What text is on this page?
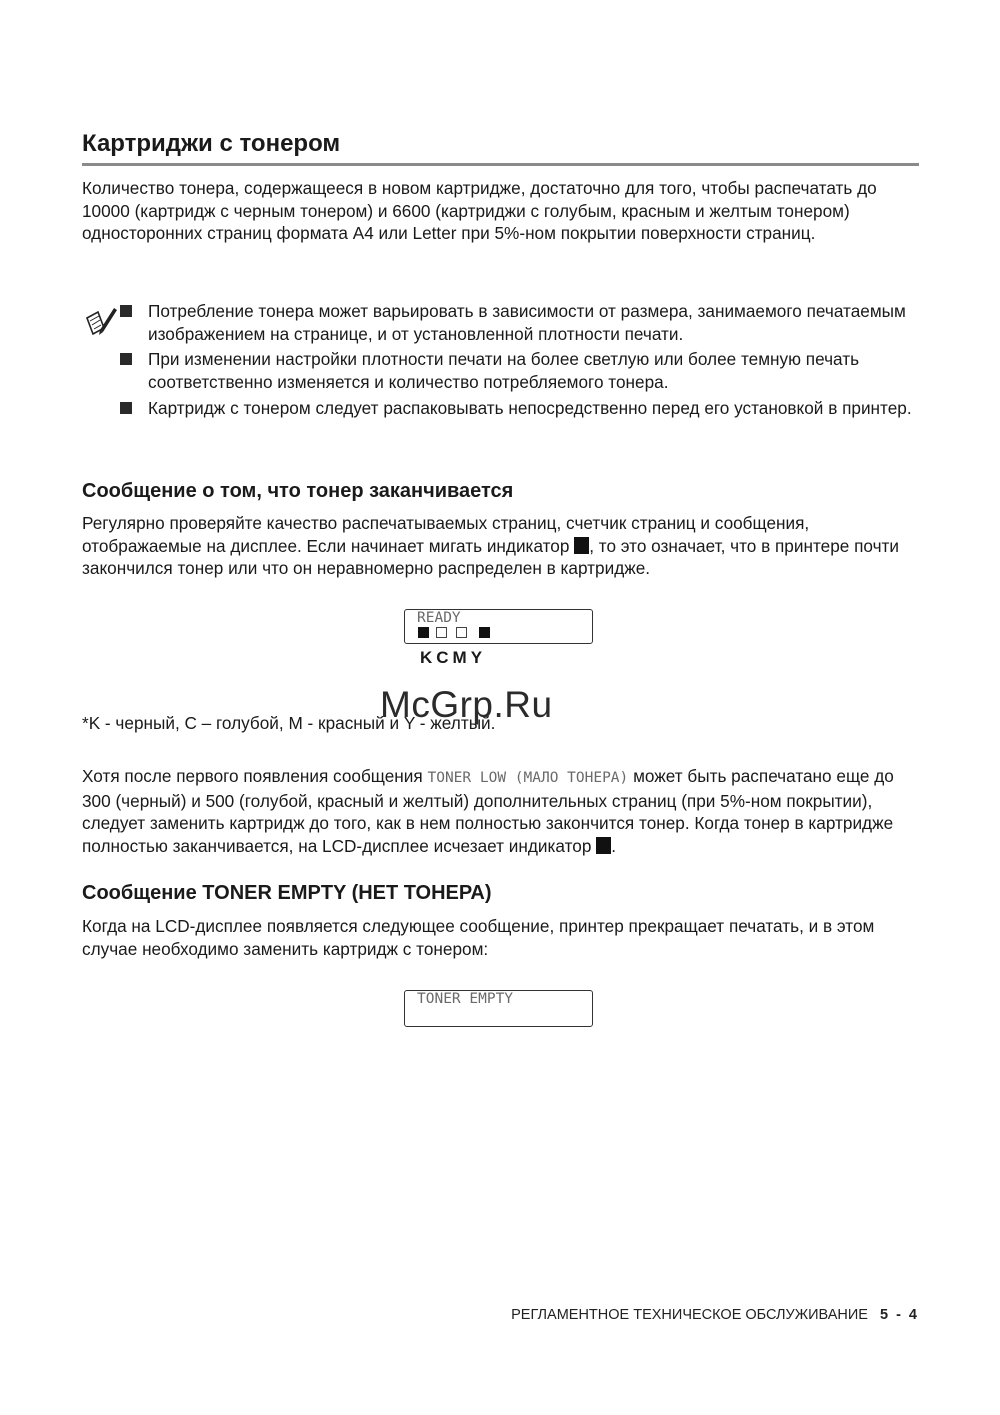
Картриджи с тонером

Количество тонера, содержащееся в новом картридже, достаточно для того, чтобы распечатать до 10000 (картридж с черным тонером) и 6600 (картриджи с голубым, красным и желтым тонером) односторонних страниц формата А4 или Letter при 5%-ном покрытии поверхности страниц.

Потребление тонера может варьировать в зависимости от размера, занимаемого печатаемым изображением на странице, и от установленной плотности печати.
При изменении настройки плотности печати на более светлую или более темную печать соответственно изменяется и количество потребляемого тонера.
Картридж с тонером следует распаковывать непосредственно перед его установкой в принтер.
Сообщение о том, что тонер заканчивается

Регулярно проверяйте качество распечатываемых страниц, счетчик страниц и сообщения, отображаемые на дисплее. Если начинает мигать индикатор , то это означает, что в принтере почти закончился тонер или что он неравномерно распределен в картридже.

READY
KCMY

*K - черный, C – голубой, M - красный и Y - желтый.

McGrp.Ru

Хотя после первого появления сообщения TONER LOW (МАЛО ТОНЕРА) может быть распечатано еще до 300 (черный) и 500 (голубой, красный и желтый) дополнительных страниц (при 5%-ном покрытии), следует заменить картридж до того, как в нем полностью закончится тонер. Когда тонер в картридже полностью заканчивается, на LCD-дисплее исчезает индикатор .

Сообщение TONER EMPTY (НЕТ ТОНЕРА)

Когда на LCD-дисплее появляется следующее сообщение, принтер прекращает печатать, и в этом случае необходимо заменить картридж с тонером:

TONER EMPTY
РЕГЛАМЕНТНОЕ ТЕХНИЧЕСКОЕ ОБСЛУЖИВАНИЕ 5 - 4
